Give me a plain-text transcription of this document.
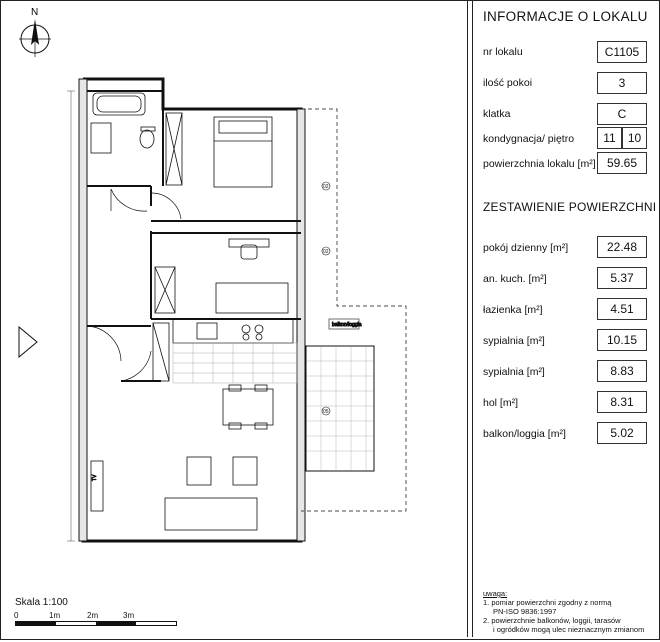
N
TV
balkon/loggia
02
02
05
Skala 1:100
0	1m	2m	3m
INFORMACJE O LOKALU
nr lokalu	C1105
ilość pokoi	3
klatka	C
kondygnacja/ piętro	11	10
powierzchnia lokalu [m²] 59.65
ZESTAWIENIE POWIERZCHNI
pokój dzienny [m²]	22.48
an. kuch. [m²]	5.37
łazienka [m²]	4.51
sypialnia [m²]	10.15
sypialnia [m²]	8.83
hol [m²]	8.31
balkon/loggia [m²]	5.02
uwaga:
1. pomiar powierzchni zgodny z normą
PN-ISO 9836:1997
2. powierzchnie balkonów, loggii, tarasów
i ogródków mogą ulec nieznacznym zmianom
